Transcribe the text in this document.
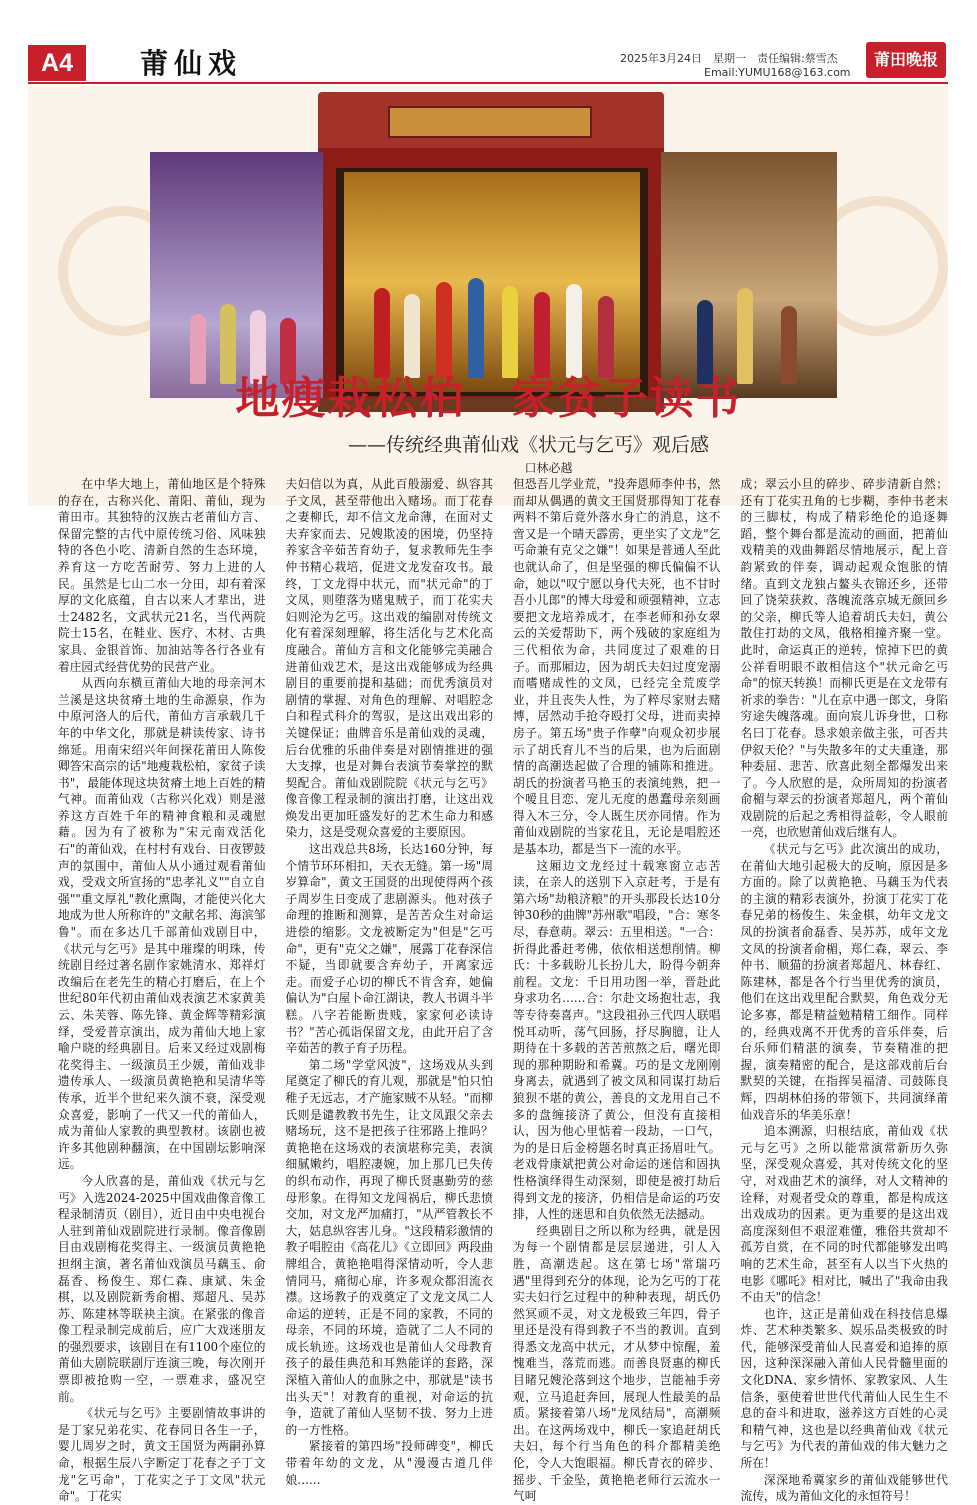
A4	莆仙戏	2025年3月24日　星期一　责任编辑:蔡雪杰
Email:YUMU168@163.com
莆田晚报
地瘦栽松柏　家贫子读书
——传统经典莆仙戏《状元与乞丐》观后感
口林必越

在中华大地上，莆仙地区是个特殊的存在，古称兴化、莆阳、莆仙，现为莆田市。其独特的汉族古老莆仙方言、保留完整的古代中原传统习俗、风味独特的各色小吃、清新自然的生态环境，养育这一方吃苦耐劳、努力上进的人民。虽然是七山二水一分田，却有着深厚的文化底蕴，自古以来人才辈出，进士2482名，文武状元21名，当代两院院士15名，在鞋业、医疗、木材、古典家具、金银首饰、加油站等各行各业有着庄园式经营优势的民营产业。

从西向东横亘莆仙大地的母亲河木兰溪是这块贫瘠土地的生命源泉，作为中原河洛人的后代，莆仙方言承载几千年的中华文化，那就是耕读传家、诗书绵延。用南宋绍兴年间探花莆田人陈俊卿答宋高宗的话"地瘦栽松柏，家贫子读书"，最能体现这块贫瘠土地上百姓的精气神。而莆仙戏（古称兴化戏）则是滋养这方百姓千年的精神食粮和灵魂慰藉。因为有了被称为"宋元南戏活化石"的莆仙戏，在村村有戏台、日夜锣鼓声的氛围中，莆仙人从小通过观看莆仙戏，受戏文所宣扬的"忠孝礼义""自立自强""重文厚礼"教化熏陶，才能使兴化大地成为世人所称许的"文献名邦、海滨邹鲁"。而在多达几千部莆仙戏剧目中，《状元与乞丐》是其中璀璨的明珠，传统剧目经过著名剧作家姚清水、郑祥灯改编后在老先生的精心打磨后，在上个世纪80年代初由莆仙戏表演艺术家黄美云、朱芙蓉、陈先锋、黄金辉等精彩演绎，受爱普京演出，成为莆仙大地上家喻户晓的经典剧目。后来又经过戏剧梅花奖得主、一级演员王少媛，莆仙戏非遗传承人、一级演员黄艳艳和吴清华等传承，近半个世纪来久演不衰，深受观众喜爱，影响了一代又一代的莆仙人，成为莆仙人家教的典型教材。该剧也被许多其他剧种翻演，在中国剧坛影响深远。

今人欣喜的是，莆仙戏《状元与乞丐》入选2024-2025中国戏曲像音像工程录制清页（剧目），近日由中央电视台人驻到莆仙戏剧院进行录制。像音像剧目由戏剧梅花奖得主、一级演员黄艳艳担纲主演，著名莆仙戏演员马藕玉、俞磊香、杨俊生、郑仁森、康斌、朱金棋，以及剧院新秀俞楣、郑超凡、吴苏苏、陈建林等联袂主演。在紧张的像音像工程录制完成前后，应广大戏迷朋友的强烈要求，该剧目在有1100个座位的莆仙大剧院联剧厅连演三晚，每次刚开票即被抢购一空，一票难求，盛况空前。

《状元与乞丐》主要剧情故事讲的是丁家兄弟花实、花春同日各生一子，婴儿周岁之时，黄文王国贤为两嗣孙算命，根据生辰八字断定丁花春之子丁文龙"乞丐命"，丁花实之子丁文凤"状元命"。丁花实

夫妇信以为真，从此百般溺爱、纵容其子文凤，甚至带他出入赌场。而丁花春之妻柳氏，却不信文龙命薄，在面对丈夫弃家而去、兄嫂欺凌的困境，仍坚持养家含辛茹苦育幼子，复求教师先生李仲书精心栽培，促进文龙发奋攻书。最终，丁文龙得中状元，而"状元命"的丁文凤，则堕落为赌鬼贼子，而丁花实夫妇则沦为乞丐。这出戏的编剧对传统文化有着深刻理解，将生活化与艺术化高度融合。莆仙方言和文化能够完美融合进莆仙戏艺术，是这出戏能够成为经典剧目的重要前提和基础；而优秀演员对剧情的掌握、对角色的理解、对唱腔念白和程式科介的驾驭，是这出戏出彩的关键保证；曲牌音乐是莆仙戏的灵魂，后台优雅的乐曲伴奏是对剧情推进的强大支撑，也是对舞台表演节奏掌控的默契配合。莆仙戏剧院院《状元与乞丐》像音像工程录制的演出打磨，让这出戏焕发出更加旺盛发好的艺术生命力和感染力，这是受观众喜爱的主要原因。

这出戏总共8场，长达160分钟，每个情节环环相扣，天衣无缝。第一场"周岁算命"，黄文王国贤的出现使得两个孩子周岁生日变成了悲剧源头。他对孩子命理的推断和测算，是苦苦众生对命运进偿的缩影。文龙被断定为"但是"乞丐命"，更有"克父之嫌"，展露丁花春深信不疑，当即就要含弃幼子，开离家远走。而爱子心切的柳氏不肯含弃，她偏偏认为"白屋卜命江湖诀，教人书调斗半糕。八字若能断贵贱，家家何必读诗书？"苦心孤诣保留文龙，由此开启了含辛茹苦的教子育子历程。

第二场"学堂风波"，这场戏从头到尾奠定了柳氏的育儿观，那就是"怕只怕稚子无远志，才产施家贼不从轻。"而柳氏则是谴教教书先生，让文凤跟父亲去赌场玩，这不是把孩子往邪路上推吗？黄艳艳在这场戏的表演堪称完美，表演细腻嫩约，唱腔凄婉，加上那几已失传的织布动作，再现了柳氏贤惠勤劳的慈母形象。在得知文龙闯祸后，柳氏悲愤交加，对文龙严加痛打，"从严管教长不大，姑息纵容害儿身。"这段精彩激情的教子唱腔由《高花儿》《立即回》两段曲牌组合，黄艳艳唱得深情动听，令人悲情同马，痛彻心扉，许多观众都泪流衣襟。这场教子的戏奠定了文龙文凤二人命运的逆转，正是不同的家教，不同的母亲，不同的环境，造就了二人不同的成长轨迹。这场戏也是莆仙人父母教育孩子的最佳典范和耳熟能详的套路，深深植入莆仙人的血脉之中，那就是"读书出头天"！对教育的重视，对命运的抗争，造就了莆仙人坚韧不拔、努力上进的一方性格。

紧接着的第四场"投师碑变"，柳氏带着年幼的文龙，从"漫漫古道几伴娘……

但恐吾儿学业荒，"投奔恩师李仲书，然而却从偶遇的黄文王国贤那得知丁花春两料不第后竟外落水身亡的消息，这不啻又是一个晴天霹雳，更坐实了文龙"乞丐命兼有克父之嫌"！如果是普通人至此也就认命了，但是坚强的柳氏偏偏不认命，她以"叹宁愿以身代夫死，也不甘时吾小儿郎"的博大母爱和顽强精神，立志要把文龙培养成才，在李老师和孙女翠云的关爱帮助下，两个残破的家庭组为三代相依为命，共同度过了艰难的日子。而那厢边，因为胡氏夫妇过度宠溺而嗜赌成性的文凤，已经完全荒废学业，并且丧失人性，为了粹尽家财去赌博，居然动手抢夺殴打父母，进而卖掉房子。第五场"贵子作孽"向观众初步展示了胡氏育儿不当的后果，也为后面剧情的高潮迭起做了合理的铺陈和推进。胡氏的扮演者马艳玉的表演纯熟，把一个嗳且目恋、宠儿无度的愚蠢母亲刻画得入木三分，令人既生厌亦同情。作为莆仙戏剧院的当家花且，无论是唱腔还是基本功，都是当下一流的水平。

这厢边文龙经过十载寒窗立志苦读，在亲人的送别下入京赶考，于是有第六场"劫粮济粮"的开头那段长达10分钟30秒的曲牌"苏州歌"唱段，"合：寒冬尽，春意萌。翠云：五里相送。"一合：折得此番赶考佛，依依相送想削情。柳氏：十多载盼儿长扮儿大，盼得今朝奔前程。文龙：千日用功图一举，晋赴此身求功名……合：尔赴文场抱壮志，我等专待奏喜声。"这段祖孙三代四人联唱悦耳动听，荡气回肠，抒尽胸臆，让人期待在十多载的苦苦煎熬之后，曙光即现的那种期盼和希冀。巧的是文龙刚刚身离去，就遇到了被文凤和同谋打劫后狼狈不堪的黄公，善良的文龙用自己不多的盘缠接济了黄公，但没有直接相认，因为他心里惦着一段劫，一口气，为的是日后金榜题名时真正扬眉吐气。老戏骨康斌把黄公对命运的迷信和固执性格演绎得生动深刻，即使是被打劫后得到文龙的接济，仍相信是命运的巧安排，人性的迷思和自负依然无法撼动。

经典剧目之所以称为经典，就是因为每一个剧情都是层层递进，引人入胜，高潮迭起。这在第七场"常瑞巧遇"里得到充分的体现，论为乞丐的丁花实夫妇行乞过程中的种种表现，胡氏仍然冥顽不灵，对文龙极致三年四，骨子里还是没有得到教子不当的教训。直到得悉文龙高中状元，才从梦中惊醒，羞愧难当，落荒而逃。而善良贤惠的柳氏目睹兄嫂沦落到这个地步，岂能袖手旁观，立马追赶奔回，展现人性最美的品质。紧接着第八场"龙凤结局"，高潮频出。在这两场戏中，柳氏一家追赶胡氏夫妇，每个行当角色的科介都精美绝伦，令人大饱眼福。柳氏青衣的碎步、摇步、千金坠，黄艳艳老师行云流水一气呵

成；翠云小旦的碎步、碎步清新自然；还有丁花实丑角的七步糊，李仲书老末的三脚杖，构成了精彩绝伦的追逐舞蹈，整个舞台都是流动的画面，把莆仙戏精美的戏曲舞蹈尽情地展示，配上音韵紧致的伴奏，调动起观众饱胀的情绪。直到文龙独占鳌头衣锦还乡，还带回了饶荣获救、落魄流落京城无颜回乡的父亲，柳氏等人追着胡氏夫妇，黄公散住打劫的文凤，俄格相撞齐聚一堂。此时，命运真正的逆转，惊掉下巴的黄公祥看明眼不敢相信这个"状元命乞丐命"的惊天转换！而柳氏更是在文龙带有祈求的拳告："儿在京中遇一郎文，身陷穷途失魄落魂。面向宸儿诉身世，口称名曰丁花春。恳求娘亲做主张，可否共伊叙天伦？"与失散多年的丈夫重逢，那种委屈、悲苦、欣喜此刻全都爆发出来了。今人欣慰的是，众所周知的扮演者俞楣与翠云的扮演者郑超凡，两个莆仙戏剧院的后起之秀相得益彰，令人眼前一亮，也欣慰莆仙戏后继有人。

《状元与乞丐》此次演出的成功，在莆仙大地引起极大的反响，原因是多方面的。除了以黄艳艳、马藕玉为代表的主演的精彩表演外，扮演丁花实丁花春兄弟的杨俊生、朱金棋，幼年文龙文凤的扮演者俞磊香、吴苏苏，成年文龙文凤的扮演者俞楣，郑仁森，翠云、李仲书、顺猫的扮演者郑超凡、林春红、陈建林，都是各个行当里优秀的演员，他们在这出戏里配合默契，角色戏分无论多寡，都是精益勉精精工细作。同样的，经典戏离不开优秀的音乐伴奏，后台乐师们精湛的演奏，节奏精准的把握，演奏精密的配合，是这部戏前后台默契的关键，在指挥吴福清、司鼓陈良辉，四胡林伯扬的带领下，共同演绎莆仙戏音乐的华美乐章！

追本溯源，归根结底，莆仙戏《状元与乞丐》之所以能常演常新历久弥坚，深受观众喜爱，其对传统文化的坚守，对戏曲艺术的演绎，对人文精神的诠释，对观者受众的尊重，都是构成这出戏成功的因素。更为重要的是这出戏高度深刻但不艰涩难懂，雅俗共赏却不孤芳自赏，在不同的时代都能够发出鸣响的艺术生命，甚至有人以当下火热的电影《哪吒》相对比，喊出了"我命由我不由天"的信念！

也许，这正是莆仙戏在科技信息爆炸、艺术种类繁多、娱乐品类极致的时代，能够深受莆仙人民喜爱和追捧的原因，这种深深融入莆仙人民骨髓里面的文化DNA、家乡情怀、家教家风、人生信条，驱使着世世代代莆仙人民生生不息的奋斗和进取，滋养这方百姓的心灵和精气神，这也是以经典莆仙戏《状元与乞丐》为代表的莆仙戏的伟大魅力之所在！

深深地希冀家乡的莆仙戏能够世代流传，成为莆仙文化的永恒符号！
